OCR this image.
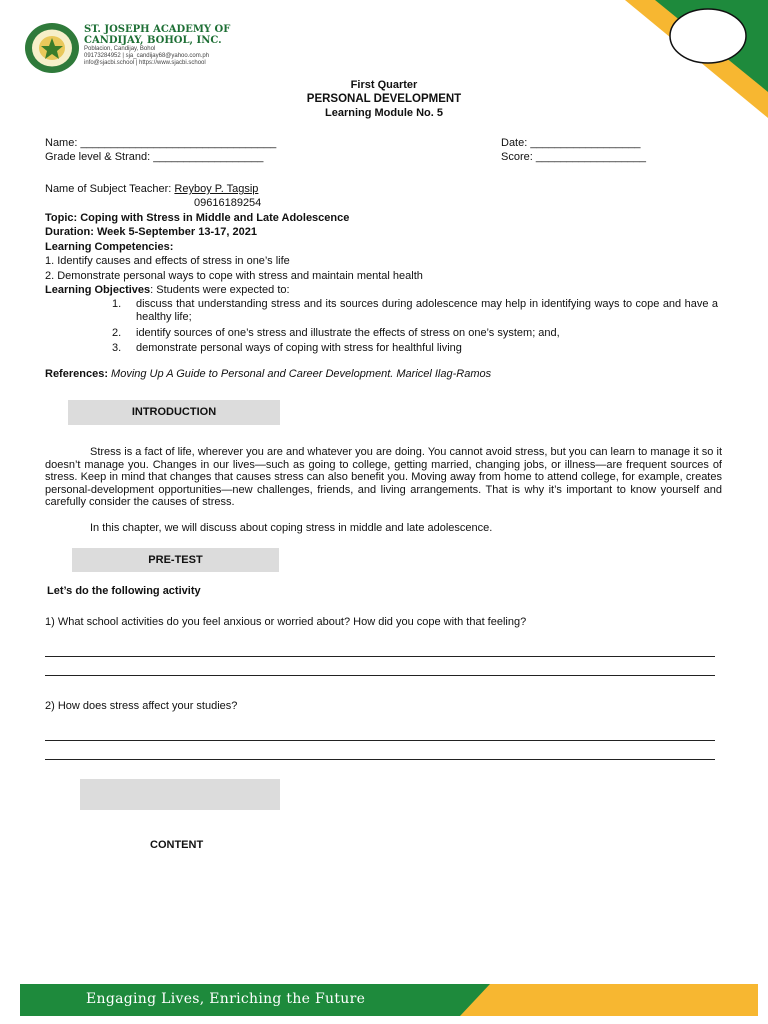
ST. JOSEPH ACADEMY OF
CANDIJAY, BOHOL, INC.
Poblacion, Candijay, Bohol
09173284952 | sja_candijay68@yahoo.com.ph
info@sjacbi.school | https://www.sjacbi.school
First Quarter
PERSONAL DEVELOPMENT
Learning Module No. 5
Name: ________________________________	Date: __________________
Grade level & Strand: __________________	Score: __________________
Name of Subject Teacher: Reyboy P. Tagsip
09616189254
Topic: Coping with Stress in Middle and Late Adolescence
Duration: Week 5-September 13-17, 2021
Learning Competencies:
1. Identify causes and effects of stress in one’s life
2. Demonstrate personal ways to cope with stress and maintain mental health
Learning Objectives: Students were expected to:
1. discuss that understanding stress and its sources during adolescence may help in identifying ways to cope and have a healthy life;
2. identify sources of one’s stress and illustrate the effects of stress on one’s system; and,
3. demonstrate personal ways of coping with stress for healthful living
References: Moving Up A Guide to Personal and Career Development. Maricel Ilag-Ramos
INTRODUCTION
Stress is a fact of life, wherever you are and whatever you are doing. You cannot avoid stress, but you can learn to manage it so it doesn’t manage you. Changes in our lives—such as going to college, getting married, changing jobs, or illness—are frequent sources of stress. Keep in mind that changes that causes stress can also benefit you. Moving away from home to attend college, for example, creates personal-development opportunities—new challenges, friends, and living arrangements. That is why it’s important to know yourself and carefully consider the causes of stress.
In this chapter, we will discuss about coping stress in middle and late adolescence.
PRE-TEST
Let’s do the following activity
1) What school activities do you feel anxious or worried about? How did you cope with that feeling?
2) How does stress affect your studies?
CONTENT
Engaging Lives, Enriching the Future
